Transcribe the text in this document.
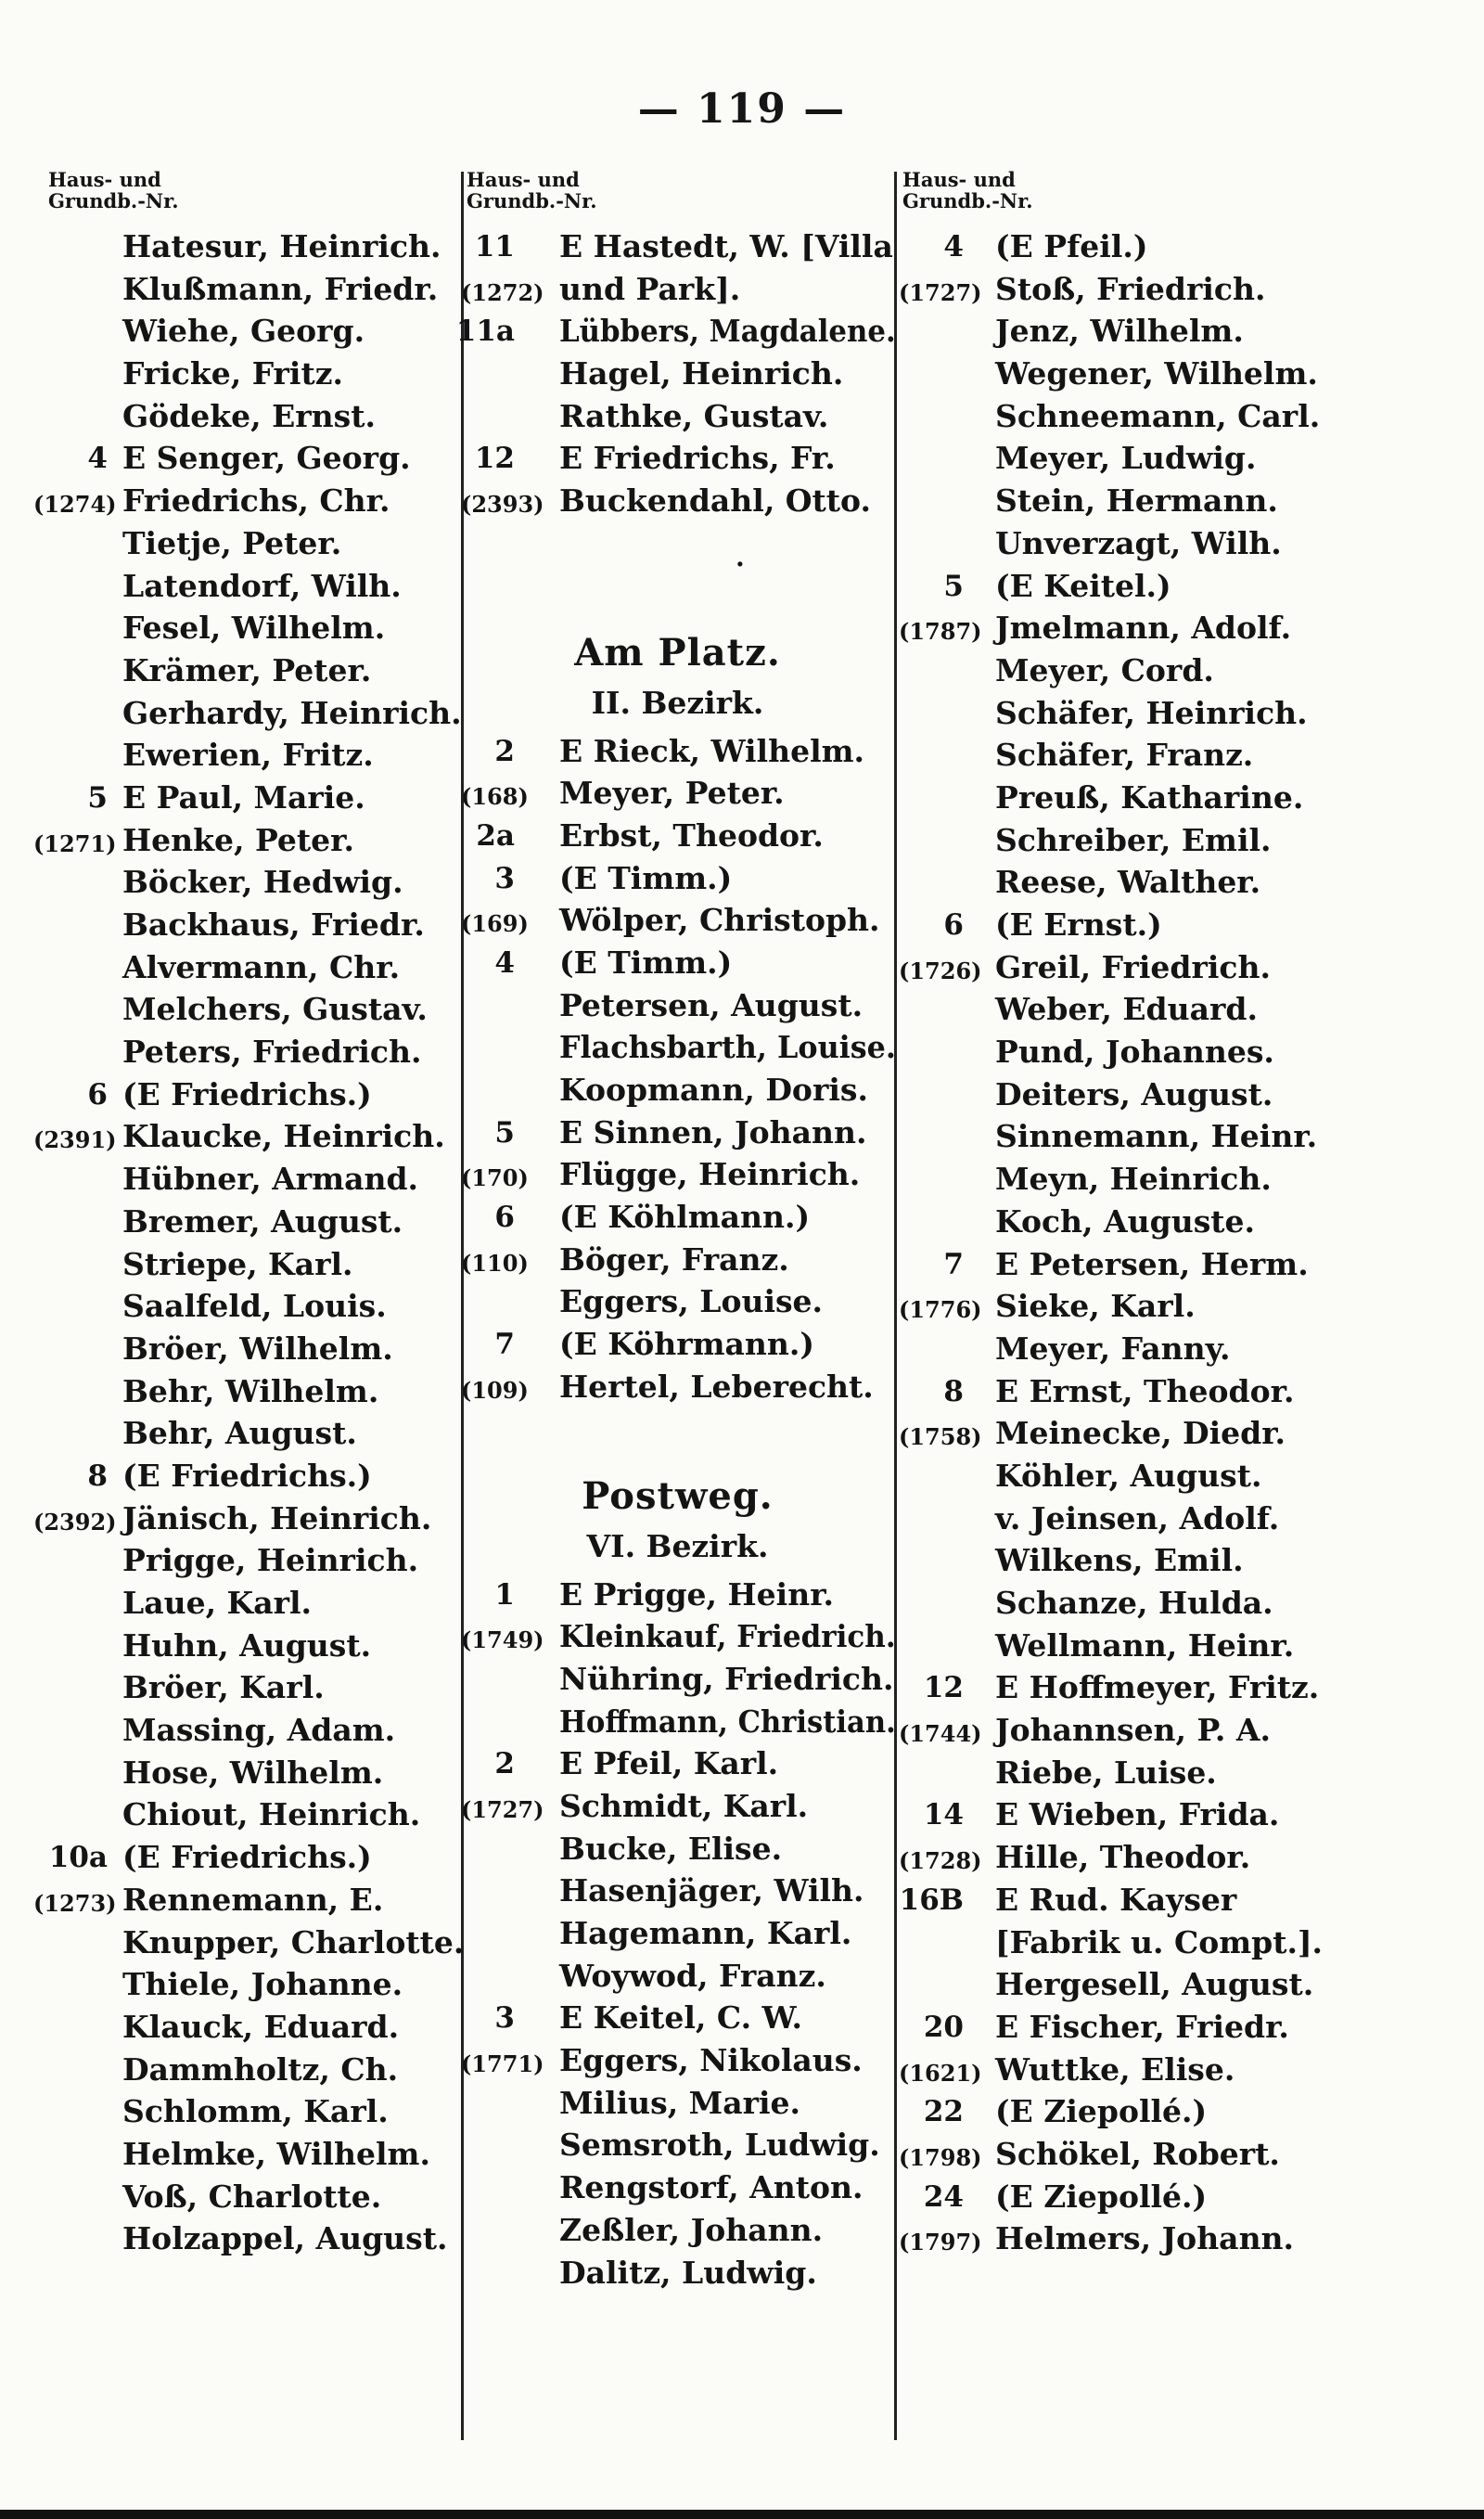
— 119 —
Haus- und
Grundb.-Nr.
Hatesur, Heinrich.
Klußmann, Friedr.
Wiehe, Georg.
Fricke, Fritz.
Gödeke, Ernst.
4 E Senger, Georg.
(1274) Friedrichs, Chr.
Tietje, Peter.
Latendorf, Wilh.
Fesel, Wilhelm.
Krämer, Peter.
Gerhardy, Heinrich.
Ewerien, Fritz.
5 E Paul, Marie.
(1271) Henke, Peter.
Böcker, Hedwig.
Backhaus, Friedr.
Alvermann, Chr.
Melchers, Gustav.
Peters, Friedrich.
6 (E Friedrichs.)
(2391) Klaucke, Heinrich.
Hübner, Armand.
Bremer, August.
Striepe, Karl.
Saalfeld, Louis.
Bröer, Wilhelm.
Behr, Wilhelm.
Behr, August.
8 (E Friedrichs.)
(2392) Jänisch, Heinrich.
Prigge, Heinrich.
Laue, Karl.
Huhn, August.
Bröer, Karl.
Massing, Adam.
Hose, Wilhelm.
Chiout, Heinrich.
10a (E Friedrichs.)
(1273) Rennemann, E.
Knupper, Charlotte.
Thiele, Johanne.
Klauck, Eduard.
Dammholtz, Ch.
Schlomm, Karl.
Helmke, Wilhelm.
Voß, Charlotte.
Holzappel, August.
Haus- und
Grundb.-Nr.
11 E Hastedt, W. [Villa
(1272) und Park].
11a Lübbers, Magdalene.
Hagel, Heinrich.
Rathke, Gustav.
12 E Friedrichs, Fr.
(2393) Buckendahl, Otto.
.
Am Platz.
II. Bezirk.
2 E Rieck, Wilhelm.
(168) Meyer, Peter.
2a Erbst, Theodor.
3 (E Timm.)
(169) Wölper, Christoph.
4 (E Timm.)
Petersen, August.
Flachsbarth, Louise.
Koopmann, Doris.
5 E Sinnen, Johann.
(170) Flügge, Heinrich.
6 (E Köhlmann.)
(110) Böger, Franz.
Eggers, Louise.
7 (E Köhrmann.)
(109) Hertel, Leberecht.
Postweg.
VI. Bezirk.
1 E Prigge, Heinr.
(1749) Kleinkauf, Friedrich.
Nühring, Friedrich.
Hoffmann, Christian.
2 E Pfeil, Karl.
(1727) Schmidt, Karl.
Bucke, Elise.
Hasenjäger, Wilh.
Hagemann, Karl.
Woywod, Franz.
3 E Keitel, C. W.
(1771) Eggers, Nikolaus.
Milius, Marie.
Semsroth, Ludwig.
Rengstorf, Anton.
Zeßler, Johann.
Dalitz, Ludwig.
Haus- und
Grundb.-Nr.
4 (E Pfeil.)
(1727) Stoß, Friedrich.
Jenz, Wilhelm.
Wegener, Wilhelm.
Schneemann, Carl.
Meyer, Ludwig.
Stein, Hermann.
Unverzagt, Wilh.
5 (E Keitel.)
(1787) Jmelmann, Adolf.
Meyer, Cord.
Schäfer, Heinrich.
Schäfer, Franz.
Preuß, Katharine.
Schreiber, Emil.
Reese, Walther.
6 (E Ernst.)
(1726) Greil, Friedrich.
Weber, Eduard.
Pund, Johannes.
Deiters, August.
Sinnemann, Heinr.
Meyn, Heinrich.
Koch, Auguste.
7 E Petersen, Herm.
(1776) Sieke, Karl.
Meyer, Fanny.
8 E Ernst, Theodor.
(1758) Meinecke, Diedr.
Köhler, August.
v. Jeinsen, Adolf.
Wilkens, Emil.
Schanze, Hulda.
Wellmann, Heinr.
12 E Hoffmeyer, Fritz.
(1744) Johannsen, P. A.
Riebe, Luise.
14 E Wieben, Frida.
(1728) Hille, Theodor.
16B E Rud. Kayser
[Fabrik u. Compt.].
Hergesell, August.
20 E Fischer, Friedr.
(1621) Wuttke, Elise.
22 (E Ziepollé.)
(1798) Schökel, Robert.
24 (E Ziepollé.)
(1797) Helmers, Johann.
